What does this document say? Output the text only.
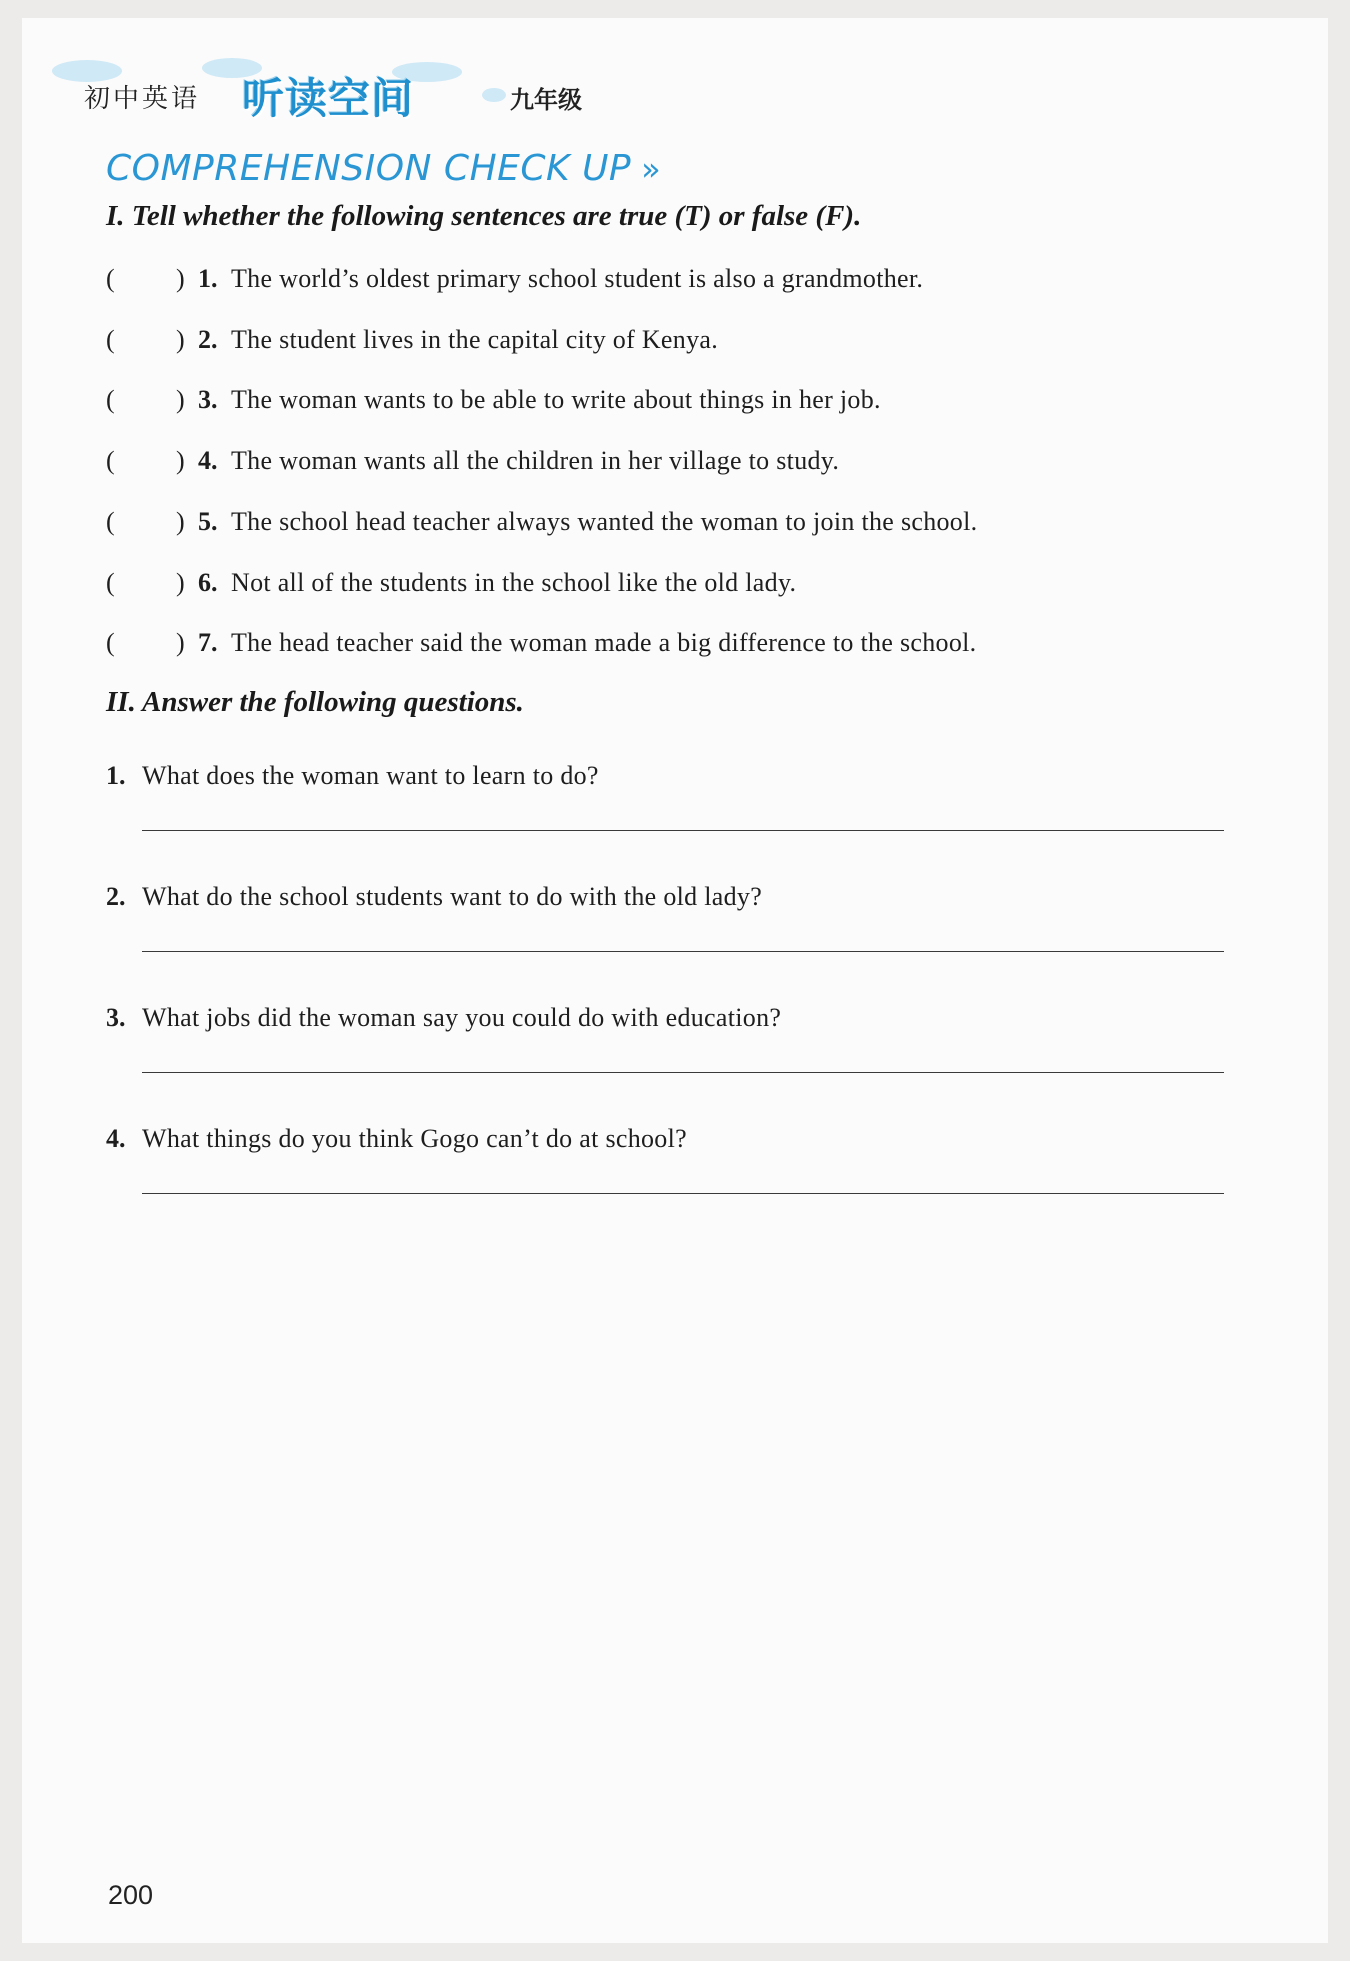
初中英语 听读空间	九年级
COMPREHENSION CHECK UP »
I. Tell whether the following sentences are true (T) or false (F).
( ) 1. The world’s oldest primary school student is also a grandmother.
( ) 2. The student lives in the capital city of Kenya.
( ) 3. The woman wants to be able to write about things in her job.
( ) 4. The woman wants all the children in her village to study.
( ) 5. The school head teacher always wanted the woman to join the school.
( ) 6. Not all of the students in the school like the old lady.
( ) 7. The head teacher said the woman made a big difference to the school.
II. Answer the following questions.
1. What does the woman want to learn to do?
2. What do the school students want to do with the old lady?
3. What jobs did the woman say you could do with education?
4. What things do you think Gogo can’t do at school?
200
